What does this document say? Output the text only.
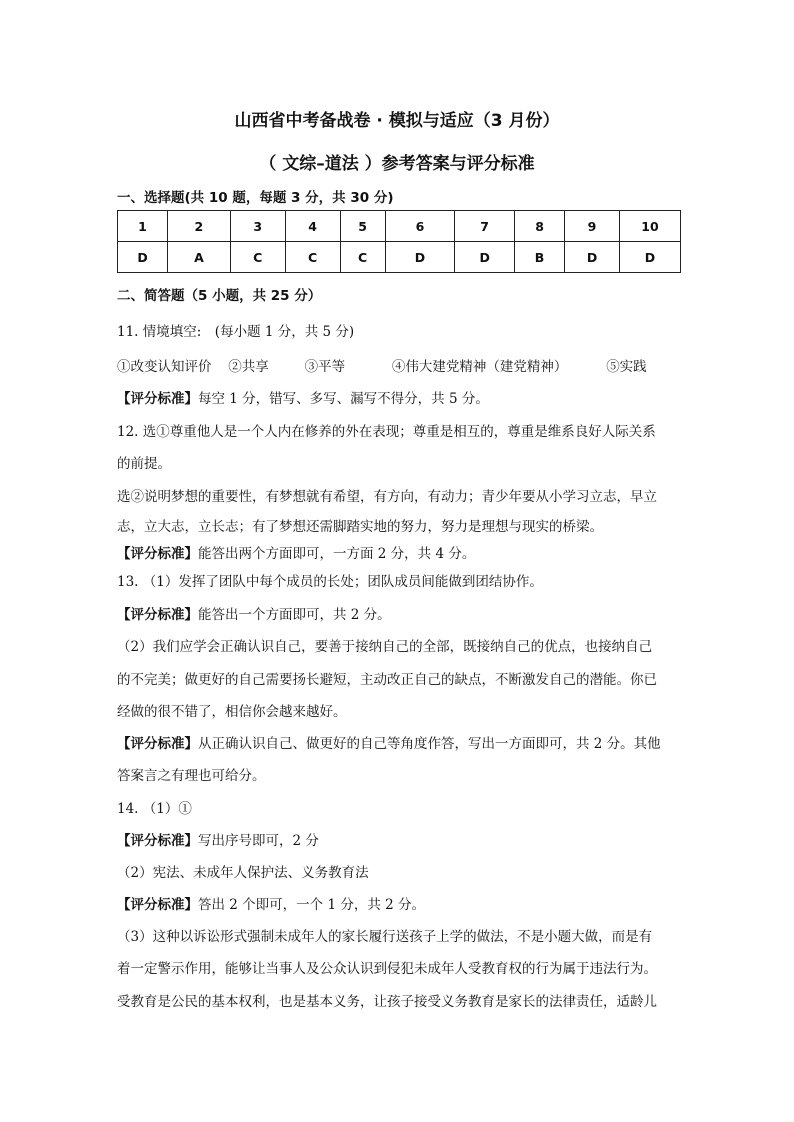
山西省中考备战卷 · 模拟与适应（3 月份）
（ 文综–道法 ）参考答案与评分标准
一、选择题(共 10 题，每题 3 分，共 30 分)
1	2	3	4	5	6	7	8	9	10
D	A	C	C	C	D	D	B	D	D
二、简答题（5 小题，共 25 分）
11. 情境填空:　(每小题 1 分，共 5 分)
①改变认知评价 ②共享	③平等	④伟大建党精神（建党精神）	⑤实践
【评分标准】每空 1 分，错写、多写、漏写不得分，共 5 分。
12. 选①尊重他人是一个人内在修养的外在表现；尊重是相互的，尊重是维系良好人际关系
的前提。
选②说明梦想的重要性，有梦想就有希望，有方向，有动力；青少年要从小学习立志，早立
志，立大志，立长志；有了梦想还需脚踏实地的努力，努力是理想与现实的桥梁。
【评分标准】能答出两个方面即可，一方面 2 分，共 4 分。
13. （1）发挥了团队中每个成员的长处；团队成员间能做到团结协作。
【评分标准】能答出一个方面即可，共 2 分。
（2）我们应学会正确认识自己，要善于接纳自己的全部，既接纳自己的优点，也接纳自己
的不完美；做更好的自己需要扬长避短，主动改正自己的缺点，不断激发自己的潜能。你已
经做的很不错了，相信你会越来越好。
【评分标准】从正确认识自己、做更好的自己等角度作答，写出一方面即可，共 2 分。其他
答案言之有理也可给分。
14. （1）①
【评分标准】写出序号即可，2 分
（2）宪法、未成年人保护法、义务教育法
【评分标准】答出 2 个即可，一个 1 分，共 2 分。
（3）这种以诉讼形式强制未成年人的家长履行送孩子上学的做法，不是小题大做，而是有
着一定警示作用，能够让当事人及公众认识到侵犯未成年人受教育权的行为属于违法行为。
受教育是公民的基本权利，也是基本义务，让孩子接受义务教育是家长的法律责任，适龄儿
